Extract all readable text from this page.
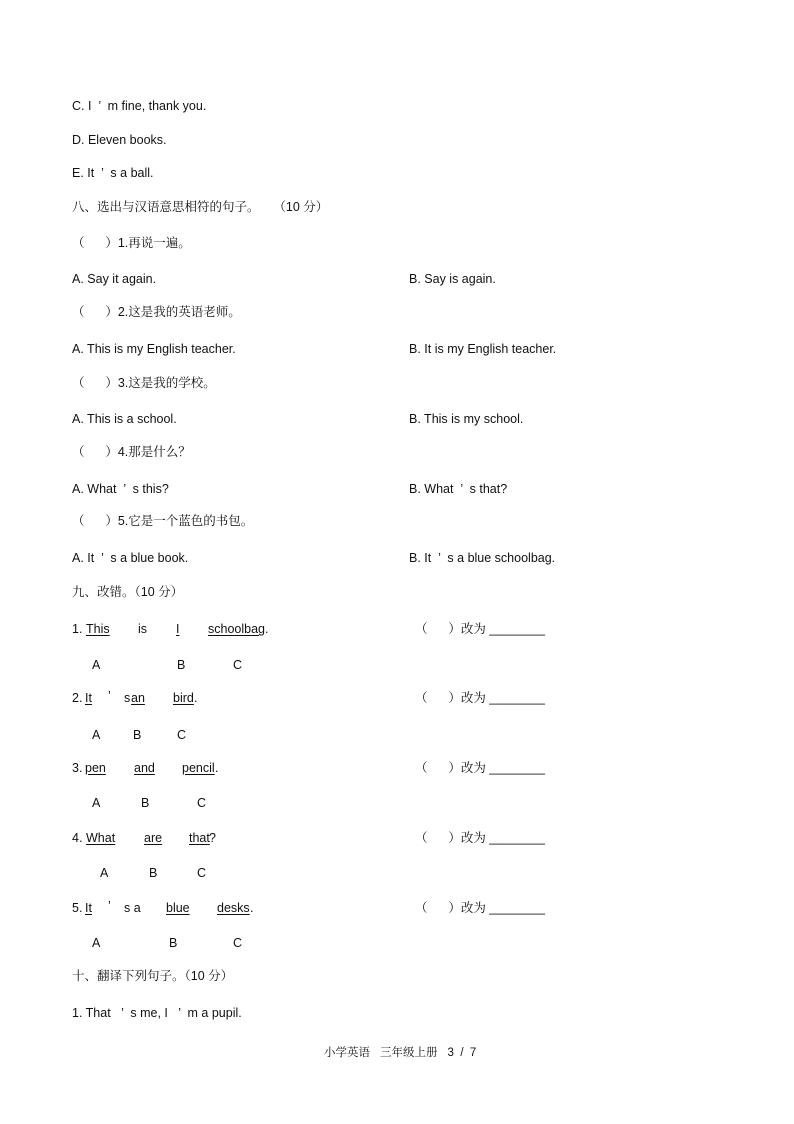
C. I  ’  m fine, thank you.
D. Eleven books.
E. It  ’  s a ball.
八、选出与汉语意思相符的句子。    （10 分）
（      ）1.再说一遍。
A. Say it again.	B. Say is again.
（      ）2.这是我的英语老师。
A. This is my English teacher.	B. It is my English teacher.
（      ）3.这是我的学校。
A. This is a school.	B. This is my school.
（      ）4.那是什么？
A. What  ’  s this?	B. What  ’  s that?
（      ）5.它是一个蓝色的书包。
A. It  ’  s a blue book.	B. It  ’  s a blue schoolbag.
九、改错。（10 分）
1. This is I schoolbag .	（      ）改为 ________
A	B	C
2. It ’ s an bird .	（      ）改为 ________
A	B	C
3. pen and pencil .	（      ）改为 ________
A	B	C
4. What are that ?	（      ）改为 ________
A	B	C
5. It ’ s a blue desks .	（      ）改为 ________
A	B	C
十、翻译下列句子。（10 分）
1. That   ’  s me, I   ’  m a pupil.

小学英语 三年级上册 3  /  7
